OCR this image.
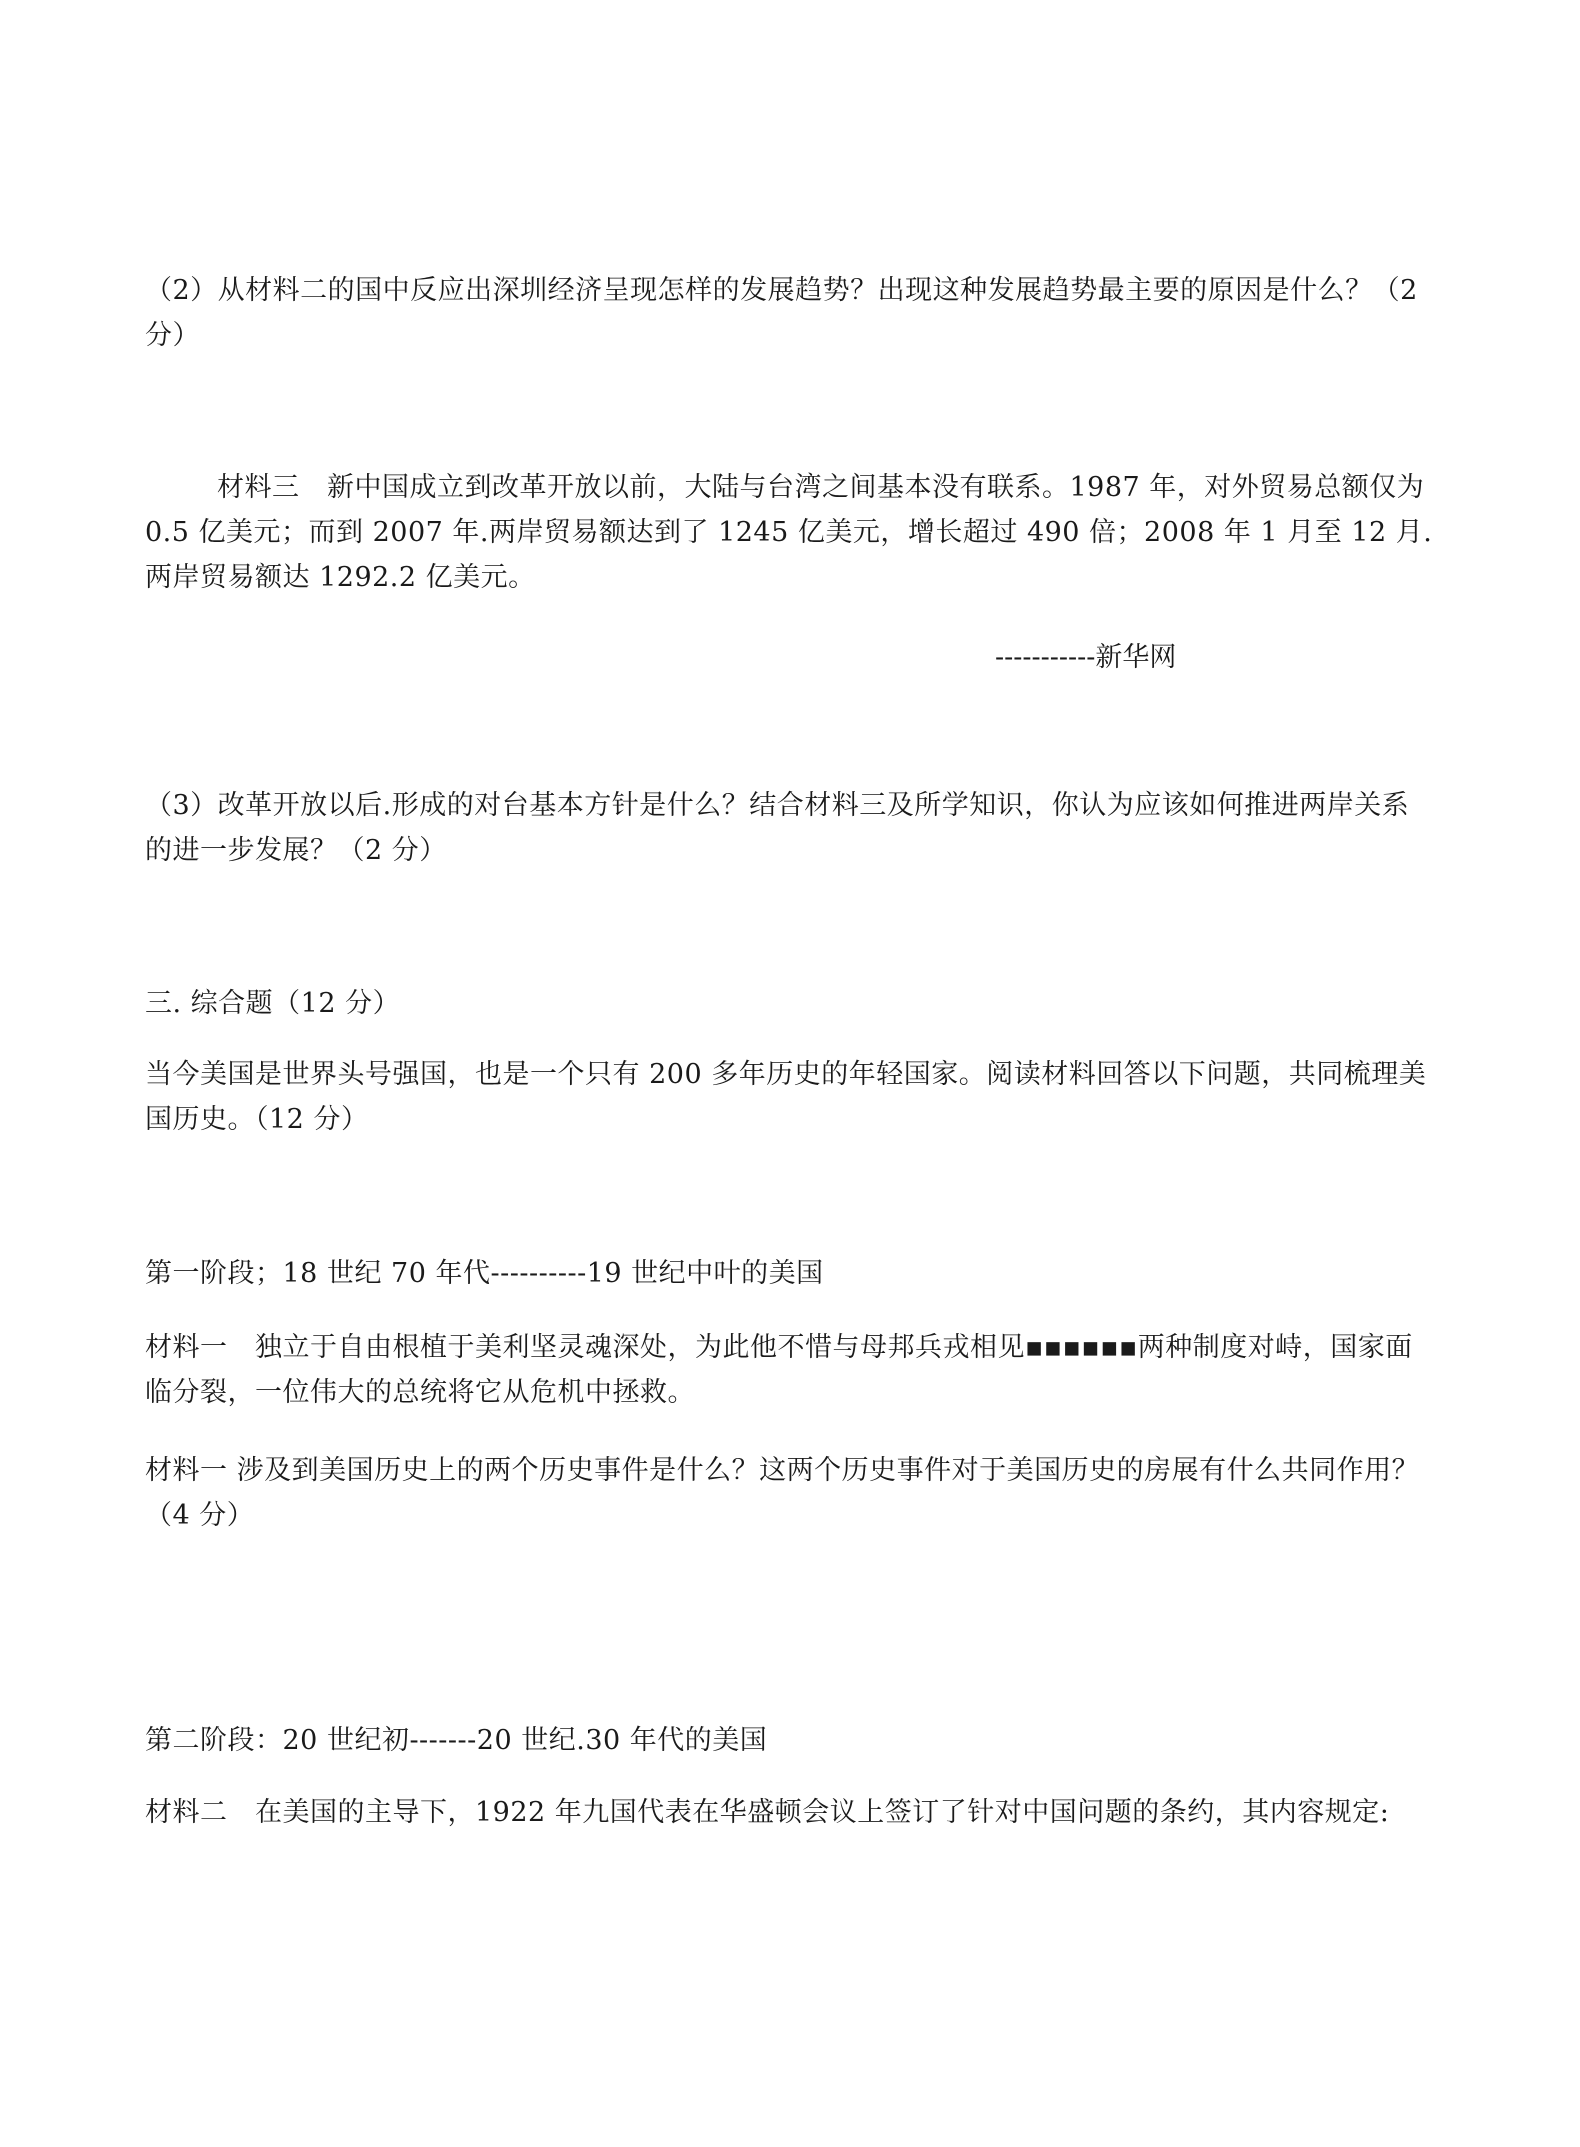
（2）从材料二的国中反应出深圳经济呈现怎样的发展趋势？出现这种发展趋势最主要的原因是什么？（2 分）

材料三　新中国成立到改革开放以前，大陆与台湾之间基本没有联系。1987 年，对外贸易总额仅为 0.5 亿美元；而到 2007 年.两岸贸易额达到了 1245 亿美元，增长超过 490 倍；2008 年 1 月至 12 月.两岸贸易额达 1292.2 亿美元。

-----------新华网

（3）改革开放以后.形成的对台基本方针是什么？结合材料三及所学知识，你认为应该如何推进两岸关系的进一步发展？（2 分）

三. 综合题（12 分）

当今美国是世界头号强国，也是一个只有 200 多年历史的年轻国家。阅读材料回答以下问题，共同梳理美国历史。（12 分）

第一阶段；18 世纪 70 年代----------19 世纪中叶的美国

材料一　独立于自由根植于美利坚灵魂深处，为此他不惜与母邦兵戎相见▪▪▪▪▪▪两种制度对峙，国家面临分裂，一位伟大的总统将它从危机中拯救。

材料一 涉及到美国历史上的两个历史事件是什么？这两个历史事件对于美国历史的房展有什么共同作用？（4 分）

第二阶段：20 世纪初-------20 世纪.30 年代的美国

材料二　在美国的主导下，1922 年九国代表在华盛顿会议上签订了针对中国问题的条约，其内容规定:
